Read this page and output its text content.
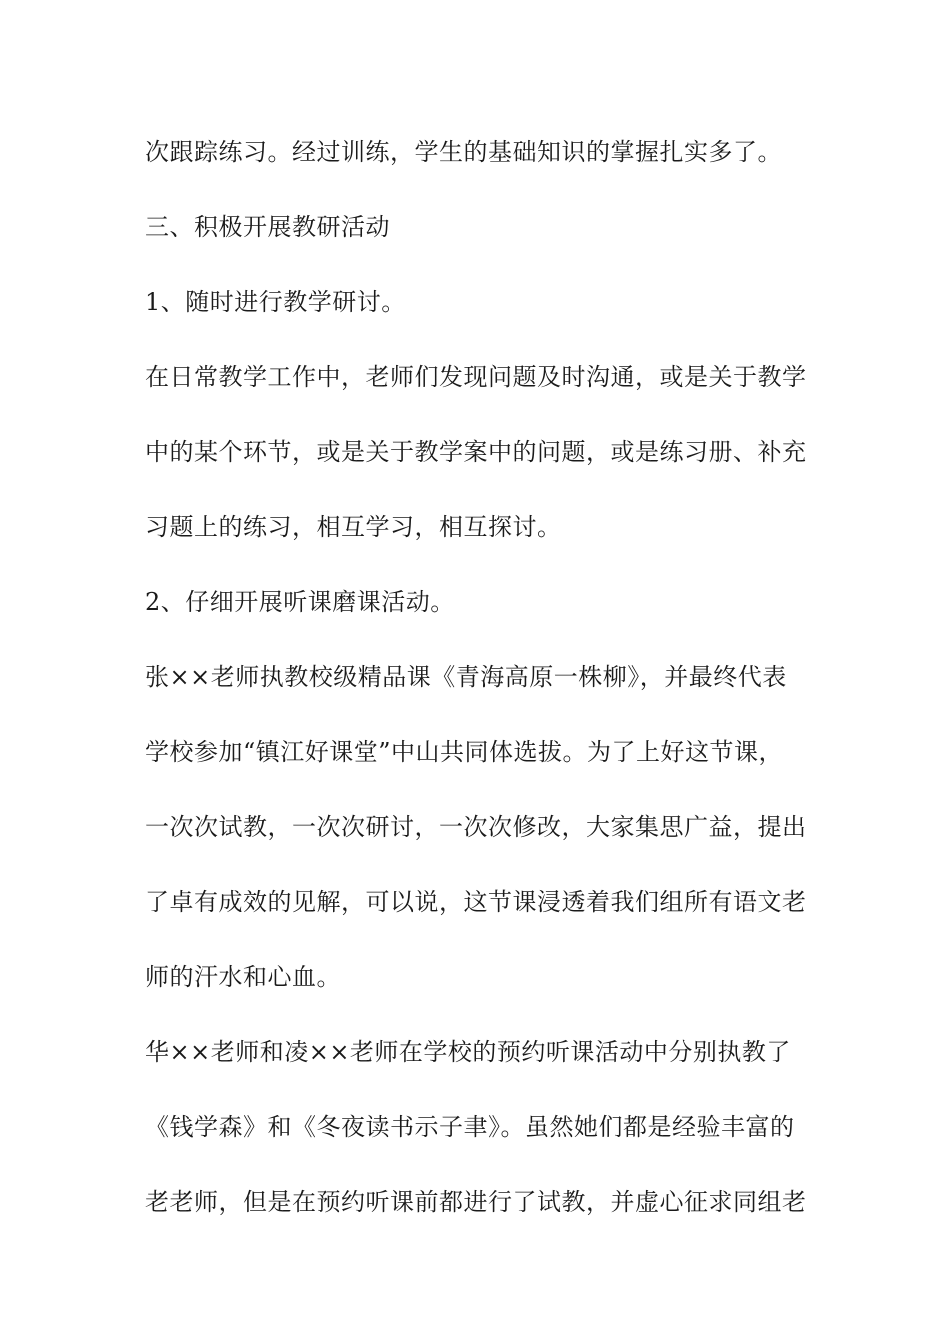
次跟踪练习。经过训练，学生的基础知识的掌握扎实多了。

三、积极开展教研活动

1、随时进行教学研讨。

在日常教学工作中，老师们发现问题及时沟通，或是关于教学

中的某个环节，或是关于教学案中的问题，或是练习册、补充

习题上的练习，相互学习，相互探讨。

2、仔细开展听课磨课活动。

张××老师执教校级精品课《青海高原一株柳》，并最终代表

学校参加“镇江好课堂”中山共同体选拔。为了上好这节课，

一次次试教，一次次研讨，一次次修改，大家集思广益，提出

了卓有成效的见解，可以说，这节课浸透着我们组所有语文老

师的汗水和心血。

华××老师和凌××老师在学校的预约听课活动中分别执教了

《钱学森》和《冬夜读书示子聿》。虽然她们都是经验丰富的

老老师，但是在预约听课前都进行了试教，并虚心征求同组老
